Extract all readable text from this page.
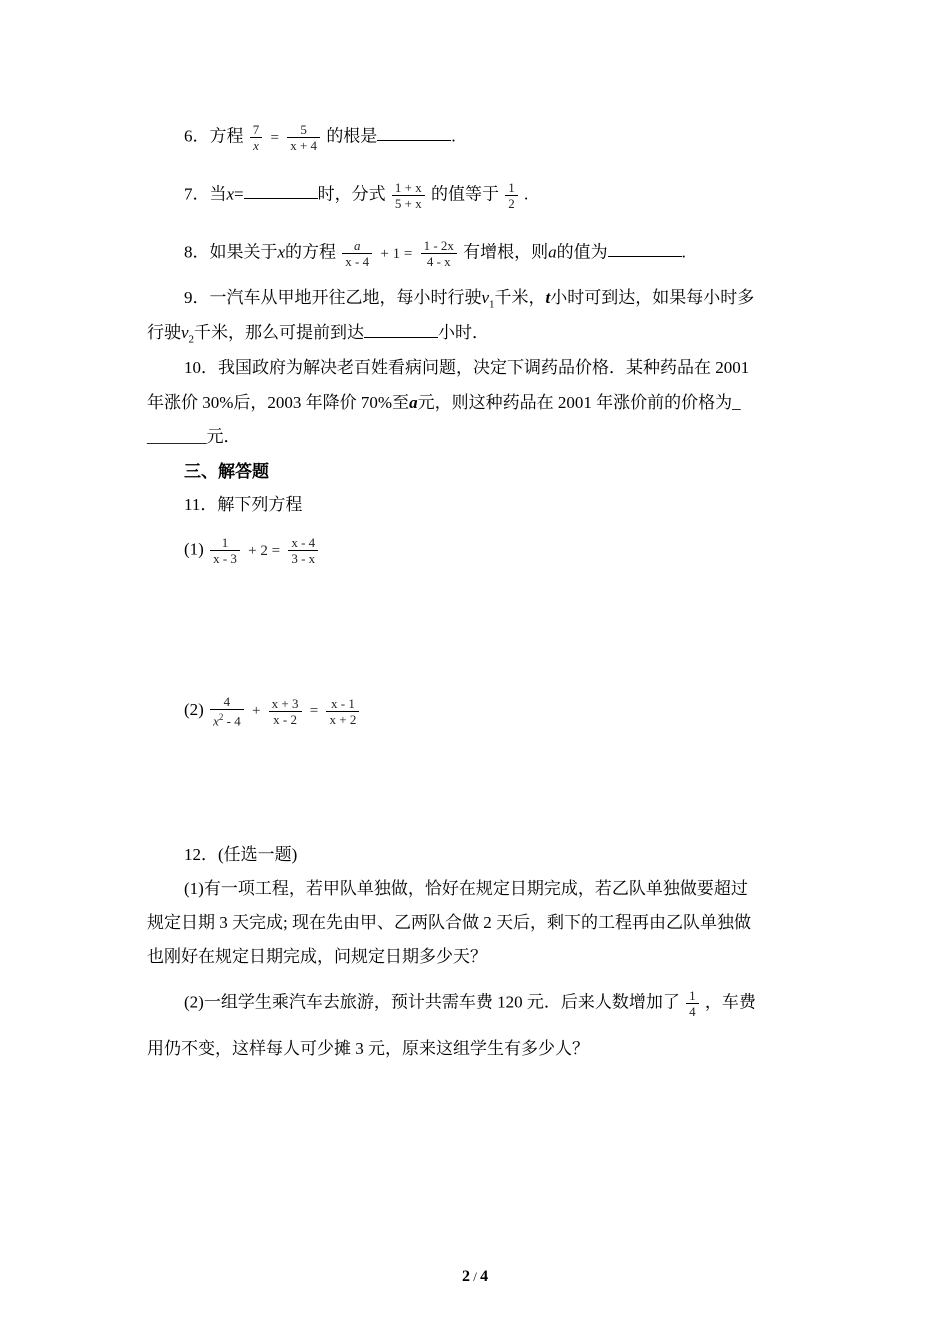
6．方程 $\frac{7}{x} = \frac{5}{x + 4}$ 的根是	.
7．当x=	时，分式 $\frac{1 + x}{5 + x}$ 的值等于 $\frac{1}{2}$ .
8．如果关于x的方程 $\frac{a}{x - 4} + 1 = \frac{1 - 2x}{4 - x}$ 有增根，则a的值为	.
9．一汽车从甲地开往乙地，每小时行驶$v_1$千米，t小时可到达，如果每小时多
行驶$v_2$千米，那么可提前到达	小时．
10．我国政府为解决老百姓看病问题，决定下调药品价格．某种药品在 2001
年涨价 30%后，2003 年降价 70%至a元，则这种药品在 2001 年涨价前的价格为_
_______元．
三、解答题
11．解下列方程
$(1) \frac{1}{x - 3} + 2 = \frac{x - 4}{3 - x}$
$(2) \frac{4}{x^2 - 4} + \frac{x + 3}{x - 2} = \frac{x - 1}{x + 2}$
12．(任选一题)
(1)有一项工程，若甲队单独做，恰好在规定日期完成，若乙队单独做要超过
规定日期 3 天完成; 现在先由甲、乙两队合做 2 天后，剩下的工程再由乙队单独做
也刚好在规定日期完成，问规定日期多少天？
(2)一组学生乘汽车去旅游，预计共需车费 120 元．后来人数增加了 $\frac{1}{4}$ ，车费
用仍不变，这样每人可少摊 3 元，原来这组学生有多少人？
2 / 4
